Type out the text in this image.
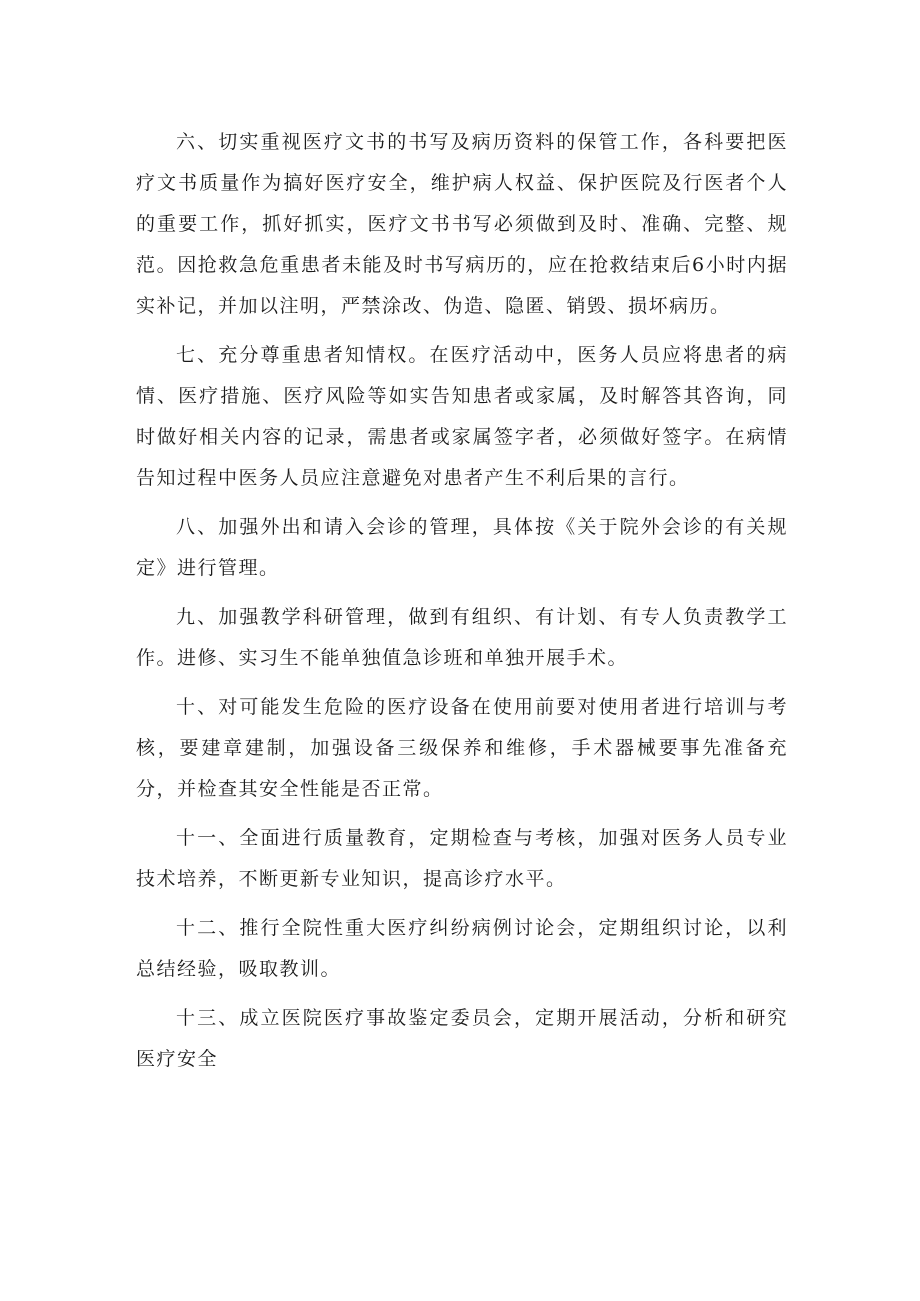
六、切实重视医疗文书的书写及病历资料的保管工作，各科要把医疗文书质量作为搞好医疗安全，维护病人权益、保护医院及行医者个人的重要工作，抓好抓实，医疗文书书写必须做到及时、准确、完整、规范。因抢救急危重患者未能及时书写病历的，应在抢救结束后6小时内据实补记，并加以注明，严禁涂改、伪造、隐匿、销毁、损坏病历。

七、充分尊重患者知情权。在医疗活动中，医务人员应将患者的病情、医疗措施、医疗风险等如实告知患者或家属，及时解答其咨询，同时做好相关内容的记录，需患者或家属签字者，必须做好签字。在病情告知过程中医务人员应注意避免对患者产生不利后果的言行。

八、加强外出和请入会诊的管理，具体按《关于院外会诊的有关规定》进行管理。

九、加强教学科研管理，做到有组织、有计划、有专人负责教学工作。进修、实习生不能单独值急诊班和单独开展手术。

十、对可能发生危险的医疗设备在使用前要对使用者进行培训与考核，要建章建制，加强设备三级保养和维修，手术器械要事先准备充分，并检查其安全性能是否正常。

十一、全面进行质量教育，定期检查与考核，加强对医务人员专业技术培养，不断更新专业知识，提高诊疗水平。

十二、推行全院性重大医疗纠纷病例讨论会，定期组织讨论，以利总结经验，吸取教训。

十三、成立医院医疗事故鉴定委员会，定期开展活动，分析和研究医疗安全
